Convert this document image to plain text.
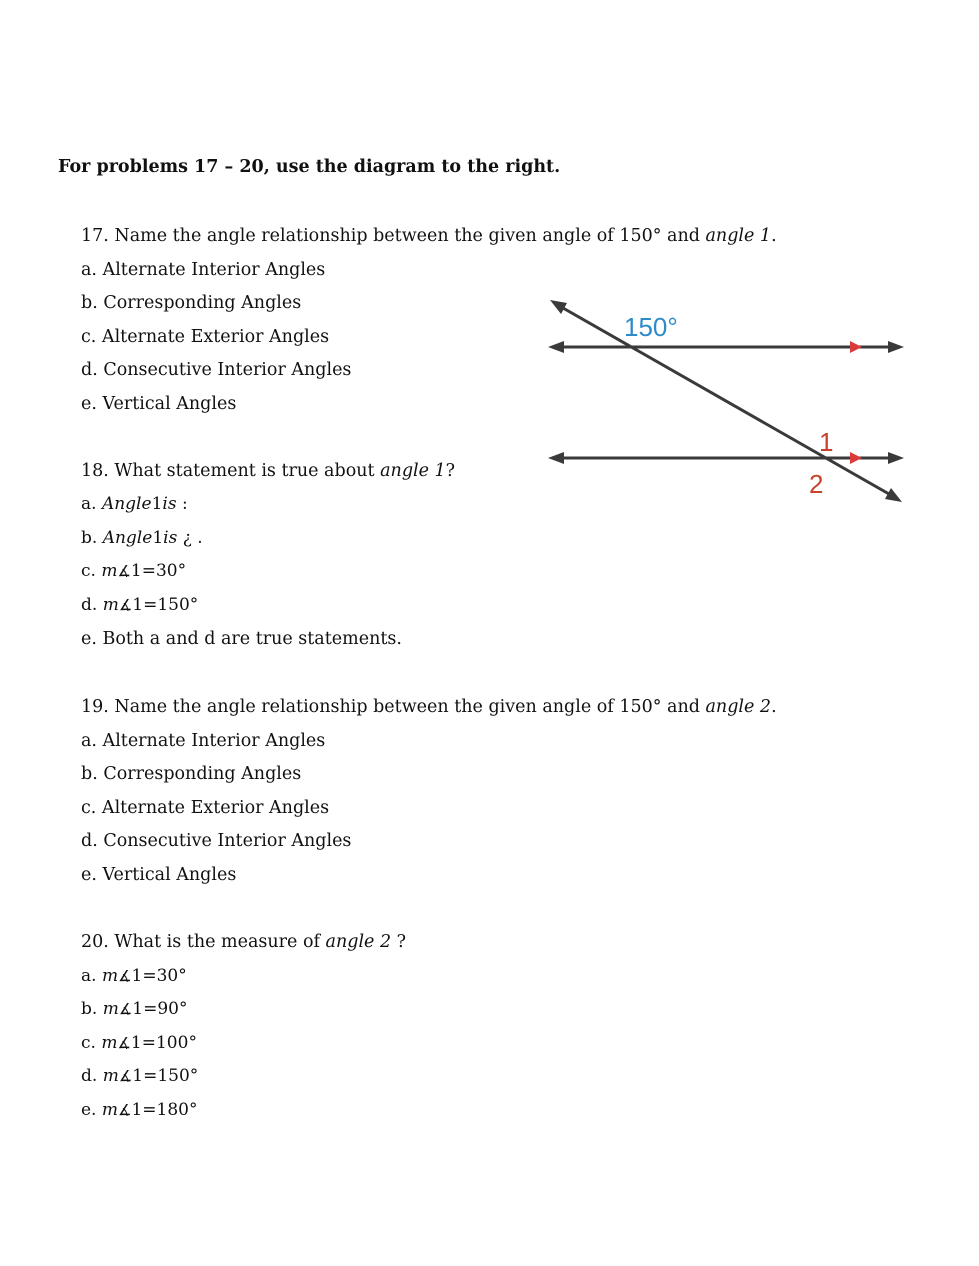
For problems 17 – 20, use the diagram to the right.
17. Name the angle relationship between the given angle of 150° and angle 1.
a. Alternate Interior Angles
b. Corresponding Angles
c. Alternate Exterior Angles
d. Consecutive Interior Angles
e. Vertical Angles
18. What statement is true about angle 1?
a. Angle1is :
b. Angle1is ¿ .
c. m∡1=30°
d. m∡1=150°
e. Both a and d are true statements.
19. Name the angle relationship between the given angle of 150° and angle 2.
a. Alternate Interior Angles
b. Corresponding Angles
c. Alternate Exterior Angles
d. Consecutive Interior Angles
e. Vertical Angles
20. What is the measure of angle 2 ?
a. m∡1=30°
b. m∡1=90°
c. m∡1=100°
d. m∡1=150°
e. m∡1=180°
150°
1
2
